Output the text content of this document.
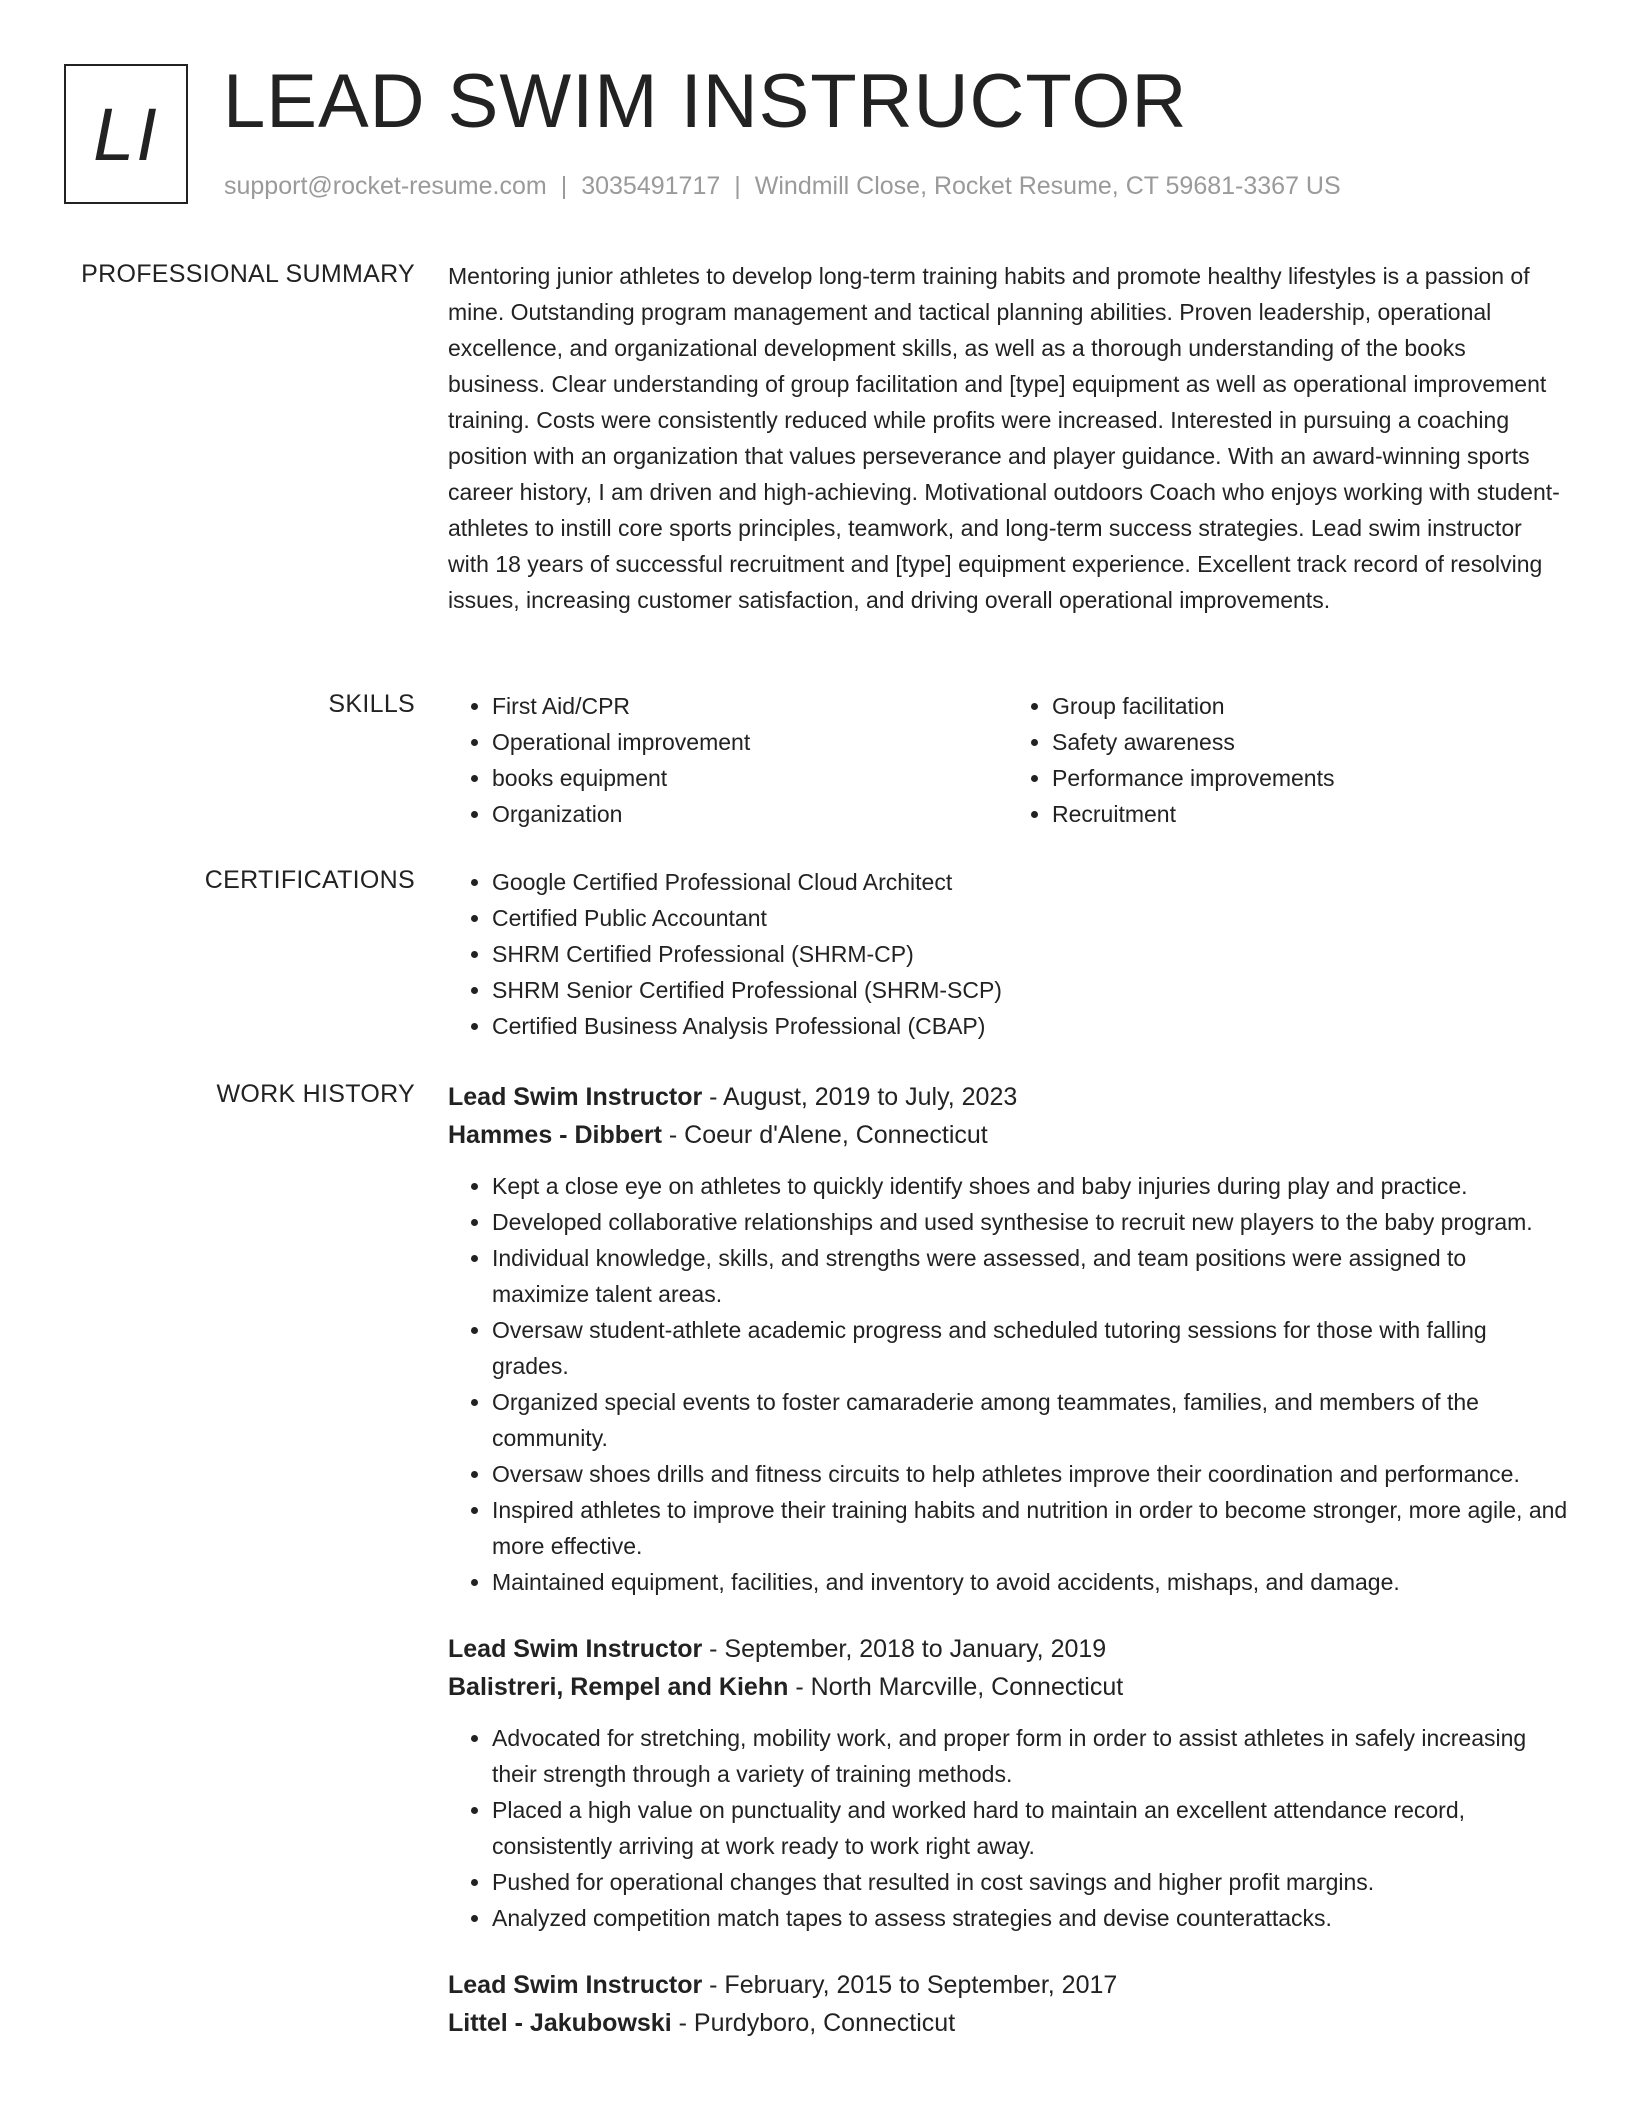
LI LEAD SWIM INSTRUCTOR
support@rocket-resume.com | 3035491717 | Windmill Close, Rocket Resume, CT 59681-3367 US
PROFESSIONAL SUMMARY Mentoring junior athletes to develop long-term training habits and promote healthy lifestyles is a passion of mine. Outstanding program management and tactical planning abilities. Proven leadership, operational excellence, and organizational development skills, as well as a thorough understanding of the books business. Clear understanding of group facilitation and [type] equipment as well as operational improvement training. Costs were consistently reduced while profits were increased. Interested in pursuing a coaching position with an organization that values perseverance and player guidance. With an award-winning sports career history, I am driven and high-achieving. Motivational outdoors Coach who enjoys working with student-athletes to instill core sports principles, teamwork, and long-term success strategies. Lead swim instructor with 18 years of successful recruitment and [type] equipment experience. Excellent track record of resolving issues, increasing customer satisfaction, and driving overall operational improvements.

SKILLS	• First Aid/CPR
• Operational improvement
• books equipment
• Organization
• Group facilitation
• Safety awareness
• Performance improvements
• Recruitment
CERTIFICATIONS	• Google Certified Professional Cloud Architect
• Certified Public Accountant
• SHRM Certified Professional (SHRM-CP)
• SHRM Senior Certified Professional (SHRM-SCP)
• Certified Business Analysis Professional (CBAP)
WORK HISTORY Lead Swim Instructor - August, 2019 to July, 2023
Hammes - Dibbert - Coeur d'Alene, Connecticut
• Kept a close eye on athletes to quickly identify shoes and baby injuries during play and practice.
• Developed collaborative relationships and used synthesise to recruit new players to the baby program.
• Individual knowledge, skills, and strengths were assessed, and team positions were assigned to maximize talent areas.
• Oversaw student-athlete academic progress and scheduled tutoring sessions for those with falling grades.
• Organized special events to foster camaraderie among teammates, families, and members of the community.
• Oversaw shoes drills and fitness circuits to help athletes improve their coordination and performance.
• Inspired athletes to improve their training habits and nutrition in order to become stronger, more agile, and more effective.
• Maintained equipment, facilities, and inventory to avoid accidents, mishaps, and damage.
Lead Swim Instructor - September, 2018 to January, 2019
Balistreri, Rempel and Kiehn - North Marcville, Connecticut
• Advocated for stretching, mobility work, and proper form in order to assist athletes in safely increasing their strength through a variety of training methods.
• Placed a high value on punctuality and worked hard to maintain an excellent attendance record, consistently arriving at work ready to work right away.
• Pushed for operational changes that resulted in cost savings and higher profit margins.
• Analyzed competition match tapes to assess strategies and devise counterattacks.
Lead Swim Instructor - February, 2015 to September, 2017
Littel - Jakubowski - Purdyboro, Connecticut
